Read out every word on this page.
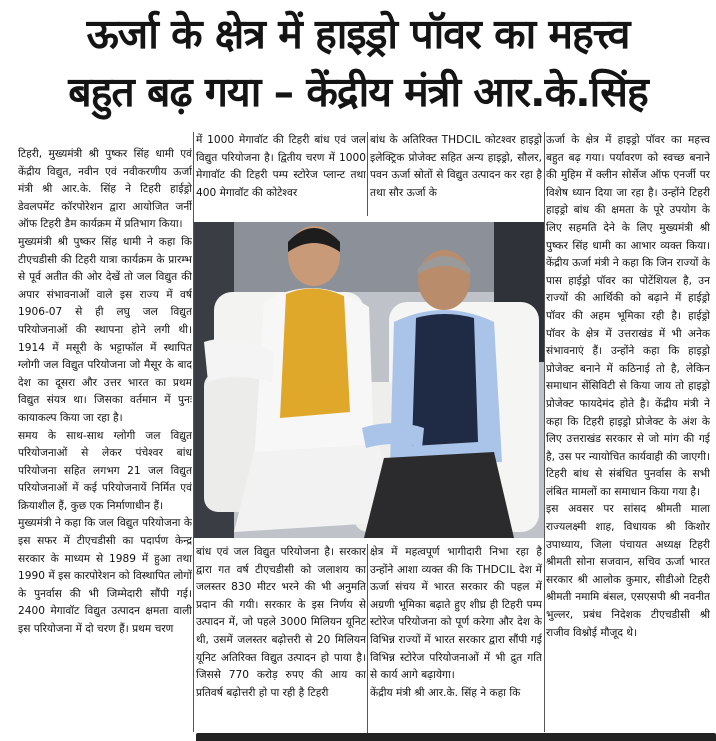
ऊर्जा के क्षेत्र में हाइड्रो पॉवर का महत्त्व
बहुत बढ़ गया – केंद्रीय मंत्री आर.के.सिंह

टिहरी, मुख्यमंत्री श्री पुष्कर सिंह धामी एवं केंद्रीय विद्युत, नवीन एवं नवीकरणीय ऊर्जा मंत्री श्री आर.के. सिंह ने टिहरी हाईड्रो डेवलपमेंट कॉरपोरेशन द्वारा आयोजित जर्नी ऑफ टिहरी डैम कार्यक्रम में प्रतिभाग किया।

मुख्यमंत्री श्री पुष्कर सिंह धामी ने कहा कि टीएचडीसी की टिहरी यात्रा कार्यक्रम के प्रारम्भ से पूर्व अतीत की ओर देखें तो जल विद्युत की अपार संभावनाओं वाले इस राज्य में वर्ष 1906-07 से ही लघु जल विद्युत परियोजनाओं की स्थापना होने लगी थी। 1914 में मसूरी के भट्टाफॉल में स्थापित ग्लोगी जल विद्युत परियोजना जो मैसूर के बाद देश का दूसरा और उत्तर भारत का प्रथम विद्युत संयत्र था। जिसका वर्तमान में पुनः कायाकल्प किया जा रहा है।

समय के साथ-साथ ग्लोगी जल विद्युत परियोजनाओं से लेकर पंचेश्वर बांध परियोजना सहित लगभग 21 जल विद्युत परियोजनाओं में कई परियोजनायें निर्मित एवं क्रियाशील हैं, कुछ एक निर्माणाधीन हैं।

मुख्यमंत्री ने कहा कि जल विद्युत परियोजना के इस सफर में टीएचडीसी का पदार्पण केन्द्र सरकार के माध्यम से 1989 में हुआ तथा 1990 में इस कारपोरेशन को विस्थापित लोगों के पुनर्वास की भी जिम्मेदारी सौंपी गई। 2400 मेगावॉट विद्युत उत्पादन क्षमता वाली इस परियोजना में दो चरण हैं। प्रथम चरण

में 1000 मेगावॉट की टिहरी बांध एवं जल विद्युत परियोजना है। द्वितीय चरण में 1000 मेगावॉट की टिहरी पम्प स्टोरेज प्लान्ट तथा 400 मेगावॉट की कोटेश्वर

बांध के अतिरिक्त THDCIL कोटश्वर हाइड्रो इलेक्ट्रिक प्रोजेक्ट सहित अन्य हाइड्रो, सौलर, पवन ऊर्जा स्रोतों से विद्युत उत्पादन कर रहा है तथा सौर ऊर्जा के

ऊर्जा के क्षेत्र में हाइड्रो पॉवर का महत्त्व बहुत बढ़ गया। पर्यावरण को स्वच्छ बनाने की मुहिम में क्लीन सोर्सेज ऑफ एनर्जी पर विशेष ध्यान दिया जा रहा है। उन्होंने टिहरी हाइड्रो बांध की क्षमता के पूरे उपयोग के लिए सहमति देने के लिए मुख्यमंत्री श्री पुष्कर सिंह धामी का आभार व्यक्त किया। केंद्रीय ऊर्जा मंत्री ने कहा कि जिन राज्यों के पास हाईड्रो पॉवर का पोटेंशियल है, उन राज्यों की आर्थिकी को बढ़ाने में हाईड्रो पॉवर की अहम भूमिका रही है। हाईड्रो पॉवर के क्षेत्र में उत्तराखंड में भी अनेक संभावनाएं हैं। उन्होंने कहा कि हाइड्रो प्रोजेक्ट बनाने में कठिनाई तो है, लेकिन समाधान सेंसिविटी से किया जाय तो हाइड्रो प्रोजेक्ट फायदेमंद होते है। केंद्रीय मंत्री ने कहा कि टिहरी हाइड्रो प्रोजेक्ट के अंश के लिए उत्तराखंड सरकार से जो मांग की गई है, उस पर न्यायोचित कार्यवाही की जाएगी। टिहरी बांध से संबंधित पुनर्वास के सभी लंबित मामलों का समाधान किया गया है।

इस अवसर पर सांसद श्रीमती माला राज्यलक्ष्मी शाह, विधायक श्री किशोर उपाध्याय, जिला पंचायत अध्यक्ष टिहरी श्रीमती सोना सजवान, सचिव ऊर्जा भारत सरकार श्री आलोक कुमार, सीडीओ टिहरी श्रीमती नमामि बंसल, एसएसपी श्री नवनीत भुल्लर, प्रबंध निदेशक टीएचडीसी श्री राजीव विश्नोई मौजूद थे।

बांध एवं जल विद्युत परियोजना है। सरकार द्वारा गत वर्ष टीएचडीसी को जलाशय का जलस्तर 830 मीटर भरने की भी अनुमति प्रदान की गयी। सरकार के इस निर्णय से उत्पादन में, जो पहले 3000 मिलियन यूनिट थी, उसमें जलस्तर बढ़ोत्तरी से 20 मिलियन यूनिट अतिरिक्त विद्युत उत्पादन हो पाया है। जिससे 770 करोड़ रुपए की आय का प्रतिवर्ष बढ़ोत्तरी हो पा रही है टिहरी

क्षेत्र में महत्वपूर्ण भागीदारी निभा रहा है उन्होंने आशा व्यक्त की कि THDCIL देश में ऊर्जा संचय में भारत सरकार की पहल में अग्रणी भूमिका बढ़ाते हुए शीघ्र ही टिहरी पम्प स्टोरेज परियोजना को पूर्ण करेगा और देश के विभिन्न राज्यों में भारत सरकार द्वारा सौंपी गई विभिन्न स्टोरेज परियोजनाओं में भी द्रुत गति से कार्य आगे बढ़ायेगा।

केंद्रीय मंत्री श्री आर.के. सिंह ने कहा कि
